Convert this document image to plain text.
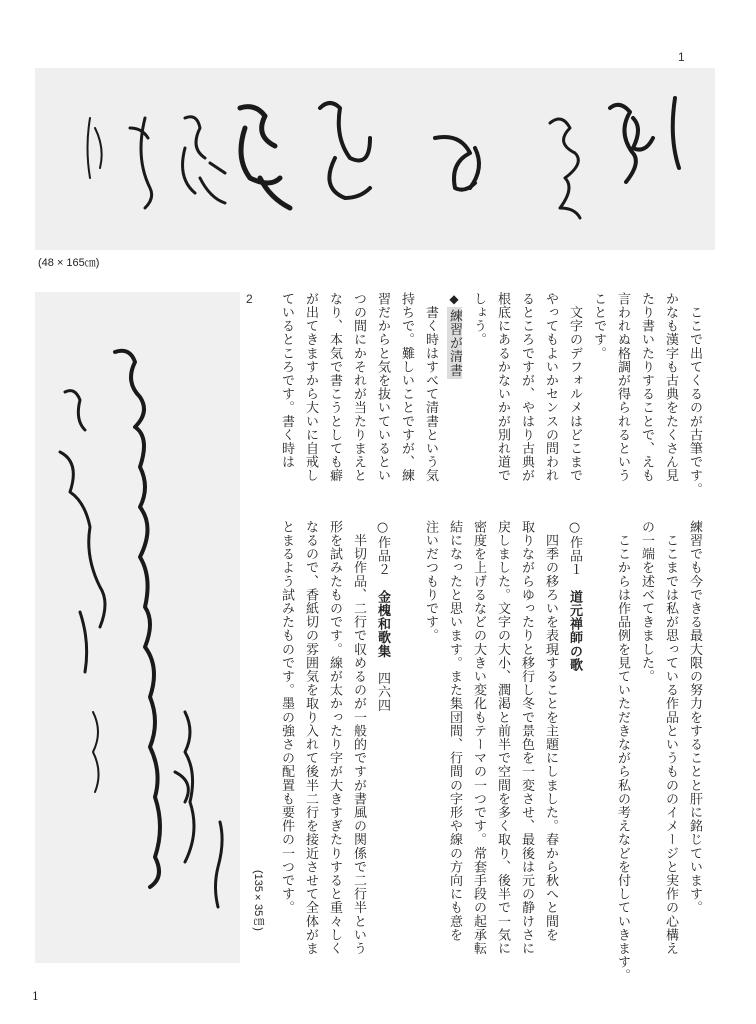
1
(48 × 165㎝)
2
(135×35㎝)
　ここで出てくるのが古筆です。
かなも漢字も古典をたくさん見
たり書いたりすることで、えも
言われぬ格調が得られるという
ことです。
　文字のデフォルメはどこまで
やってもよいかセンスの問われ
るところですが、やはり古典が
根底にあるかないかが別れ道で
しょう。
◆練習が清書
　書く時はすべて清書という気
持ちで。難しいことですが、練
習だからと気を抜いているとい
つの間にかそれが当たりまえと
なり、本気で書こうとしても癖
が出てきますから大いに自戒し
ているところです。書く時は
練習でも今できる最大限の努力をすることと肝に銘じています。
　ここまでは私が思っている作品というもののイメージと実作の心構え
の一端を述べてきました。
　ここからは作品例を見ていただきながら私の考えなどを付していきます。

○作品１　道元禅師の歌
　四季の移ろいを表現することを主題にしました。春から秋へと間を
取りながらゆったりと移行し冬で景色を一変させ、最後は元の静けさに
戻しました。文字の大小、潤渇と前半で空間を多く取り、後半で一気に
密度を上げるなどの大きい変化もテーマの一つです。常套手段の起承転
結になったと思います。また集団間、行間の字形や線の方向にも意を
注いだつもりです。

○作品２　金槐和歌集　四六四
　半切作品、二行で収めるのが一般的ですが書風の関係で二行半という
形を試みたものです。線が太かったり字が大きすぎたりすると重々しく
なるので、香紙切の雰囲気を取り入れて後半二行を接近させて全体がま
とまるよう試みたものです。墨の強さの配置も要件の一つです。
1
